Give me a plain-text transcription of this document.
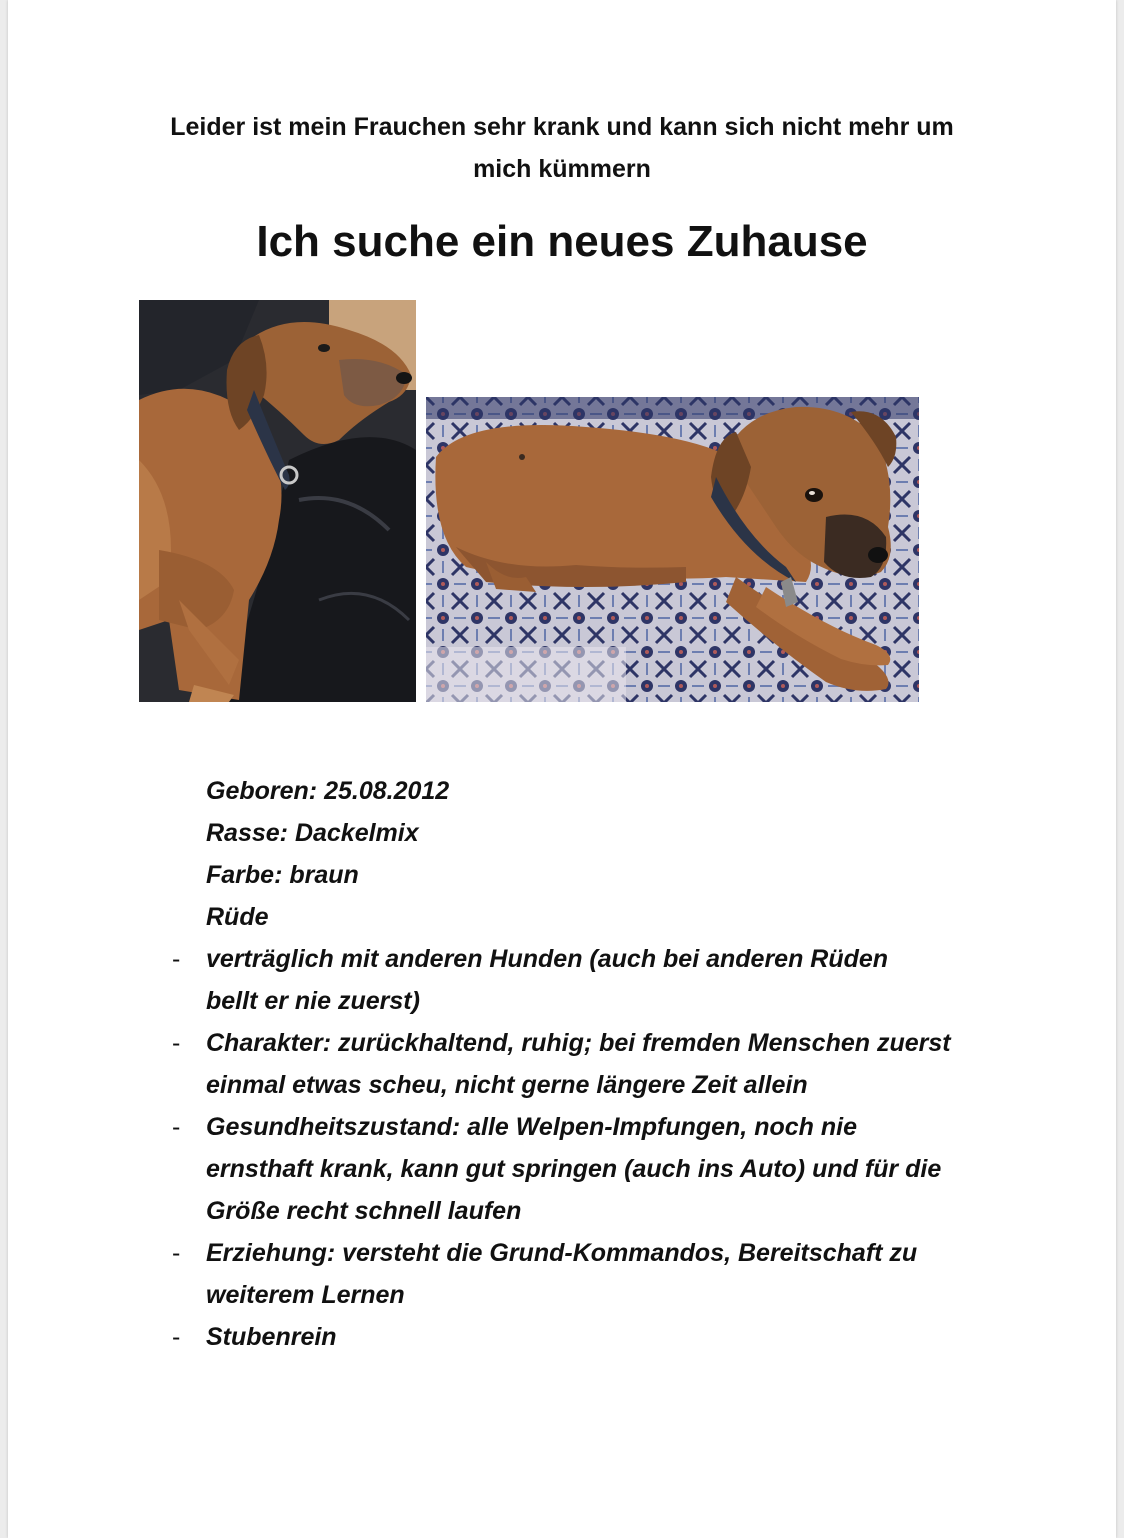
Leider ist mein Frauchen sehr krank und kann sich nicht mehr um
mich kümmern
Ich suche ein neues Zuhause
Geboren: 25.08.2012
Rasse: Dackelmix
Farbe: braun
Rüde
- verträglich mit anderen Hunden (auch bei anderen Rüden
bellt er nie zuerst)
- Charakter: zurückhaltend, ruhig; bei fremden Menschen zuerst
einmal etwas scheu, nicht gerne längere Zeit allein
- Gesundheitszustand: alle Welpen-Impfungen, noch nie
ernsthaft krank, kann gut springen (auch ins Auto) und für die
Größe recht schnell laufen
- Erziehung: versteht die Grund-Kommandos, Bereitschaft zu
weiterem Lernen
- Stubenrein
